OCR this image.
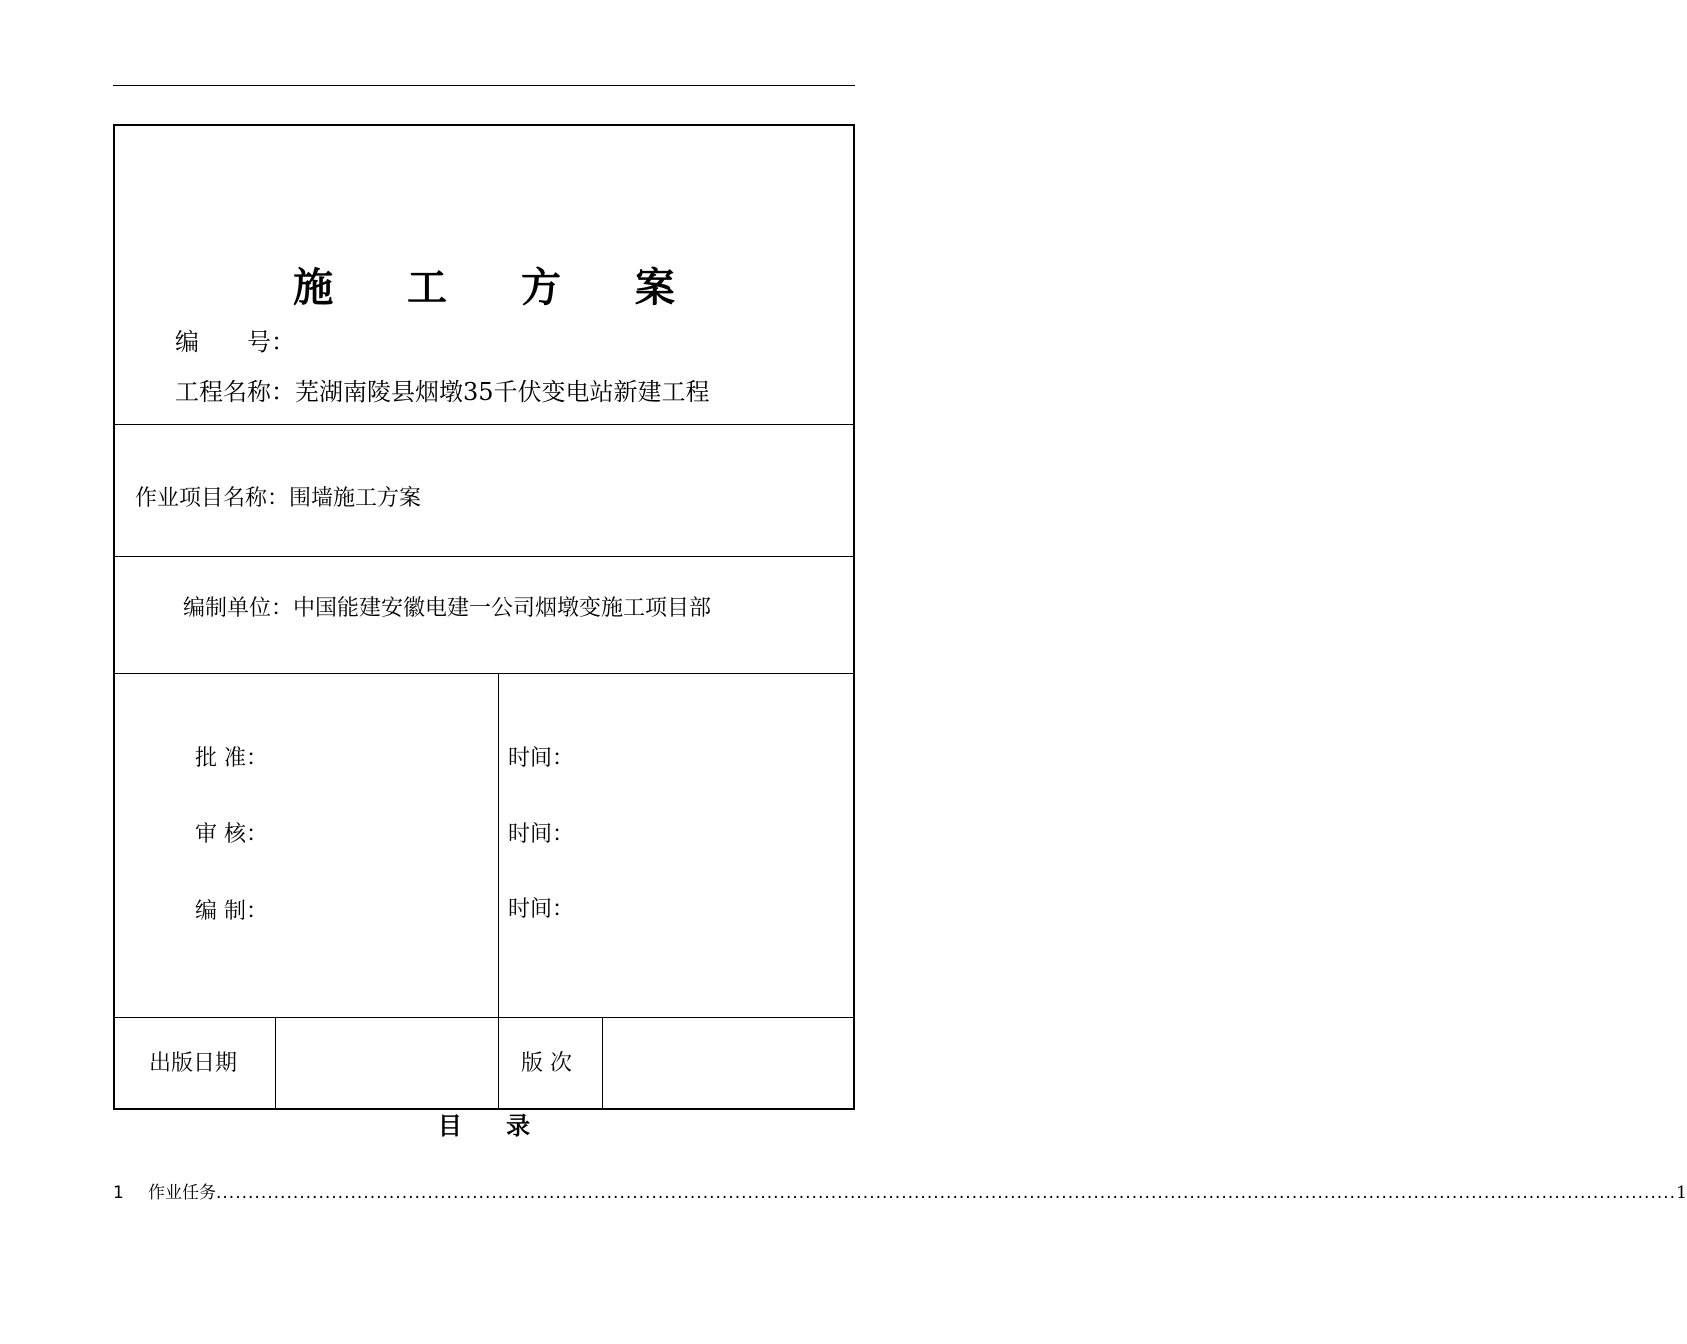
施 工 方 案
编　　号：
工程名称：芜湖南陵县烟墩35千伏变电站新建工程
作业项目名称：围墙施工方案
编制单位：中国能建安徽电建一公司烟墩变施工项目部
批 准：	时间：
审 核：	时间：
编 制：	时间：
出版日期	版 次
目 录
1	作业任务 .................................................................................................................................................................................................................................... 1
